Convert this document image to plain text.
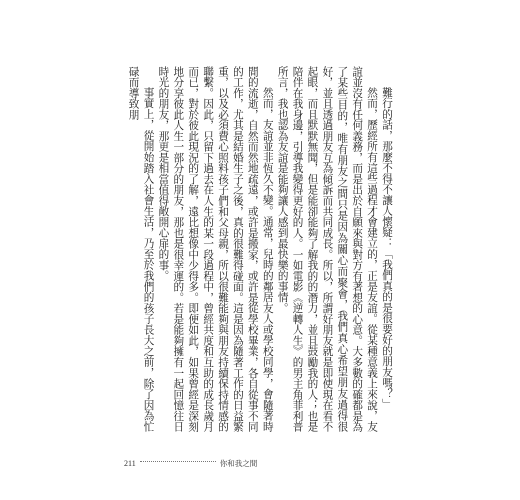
難行的話，那麼不得不讓人懷疑：「我們真的是很要好的朋友嗎？」

然而，歷經所有這些過程才會建立的，正是友誼。從某種意義上來說，友誼並沒有任何義務，而是出於自願來與對方有著想的心意。大多數的確都是為了某些目的，唯有朋友之間只是因為關心而聚會，我們真心希望朋友過得很好，並且透過朋友互為傾訴而共同成長。所以，所謂好朋友就是即使現在看不起眼，而且默默無聞，但是能卻能夠了解我的的潛力，並且鼓勵我的人；也是陪伴在我身邊，引導我變得更好的人。一如電影《逆轉人生》的男主角菲利普所言，我也認為友誼是能夠讓人感到最快樂的事情。

然而，友誼並非恆久不變。通常，兒時的鄰居友人或學校同學，會隨著時間的流逝，自然而然地疏遠，或許是搬家，或許是從學校畢業，各自從事不同的工作，尤其是結婚生子之後，真的很難得碰面。這是因為隨著工作的日益繁重，以及必須費心照料孩子們和父母親，所以很難能夠與朋友持續保持情感的聯繫。因此，只留下過去在人生的某一段過程中，曾經共度和互助的成長歲月而已，對於彼此現況的了解，遠比想像中少得多。即便如此，如果曾經是深刻地分享彼此人生一部分的朋友，那也是很幸運的。若是能夠擁有一起回憶往日時光的朋友，那更是相當值得敞開心扉的事。

事實上，從開始踏入社會生活，乃至於我們的孩子長大之前，除了因為忙碌而導致朋

211	你和我之間
